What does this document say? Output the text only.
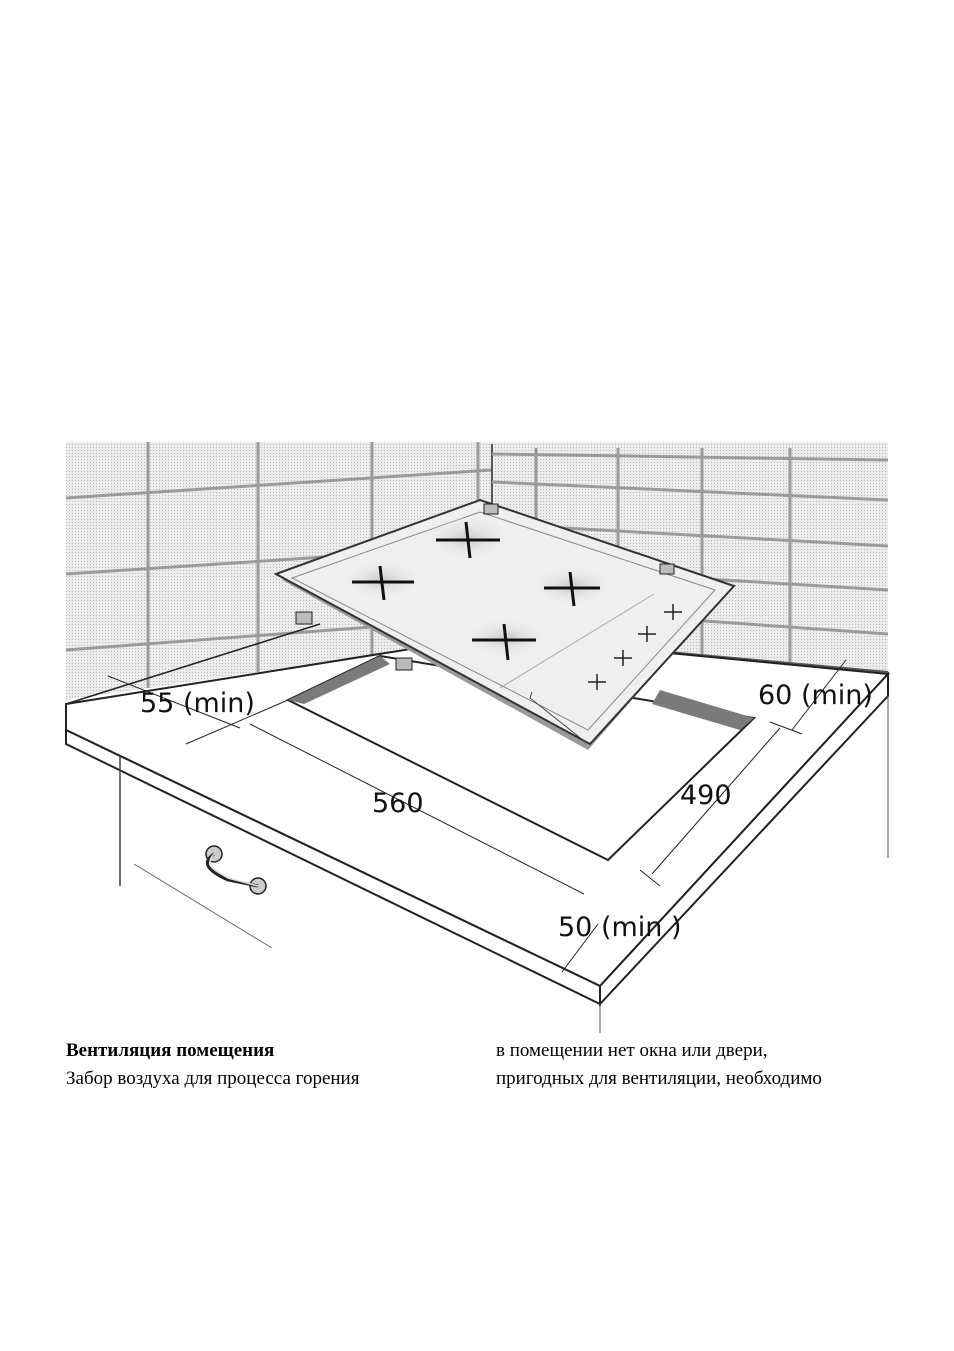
55 (min)
560	490
60 (min)
50 (min )
Вентиляция помещения
Забор воздуха для процесса горения
в помещении нет окна или двери,
пригодных для вентиляции, необходимо
